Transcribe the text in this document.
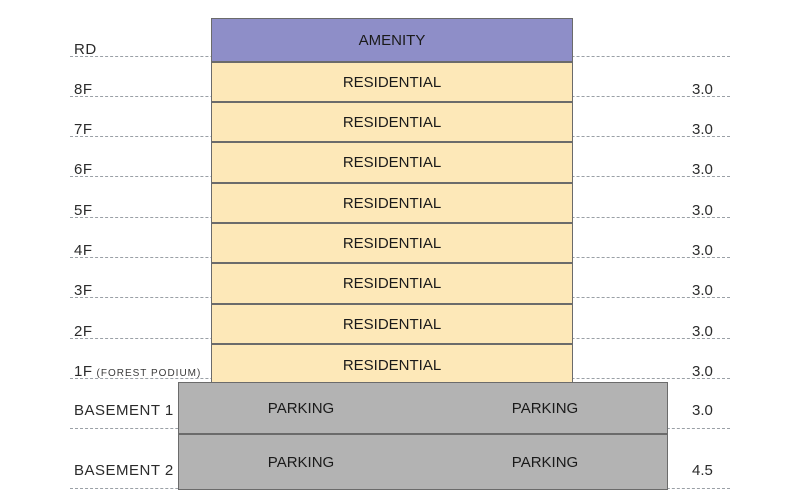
AMENITY
RESIDENTIAL
RESIDENTIAL
RESIDENTIAL
RESIDENTIAL
RESIDENTIAL
RESIDENTIAL
RESIDENTIAL
RESIDENTIAL
PARKING	PARKING
PARKING	PARKING
RD
8F
7F
6F
5F
4F
3F
2F
1F (FOREST PODIUM)
BASEMENT 1
BASEMENT 2
3.0
3.0
3.0
3.0
3.0
3.0
3.0
3.0
3.0
4.5
